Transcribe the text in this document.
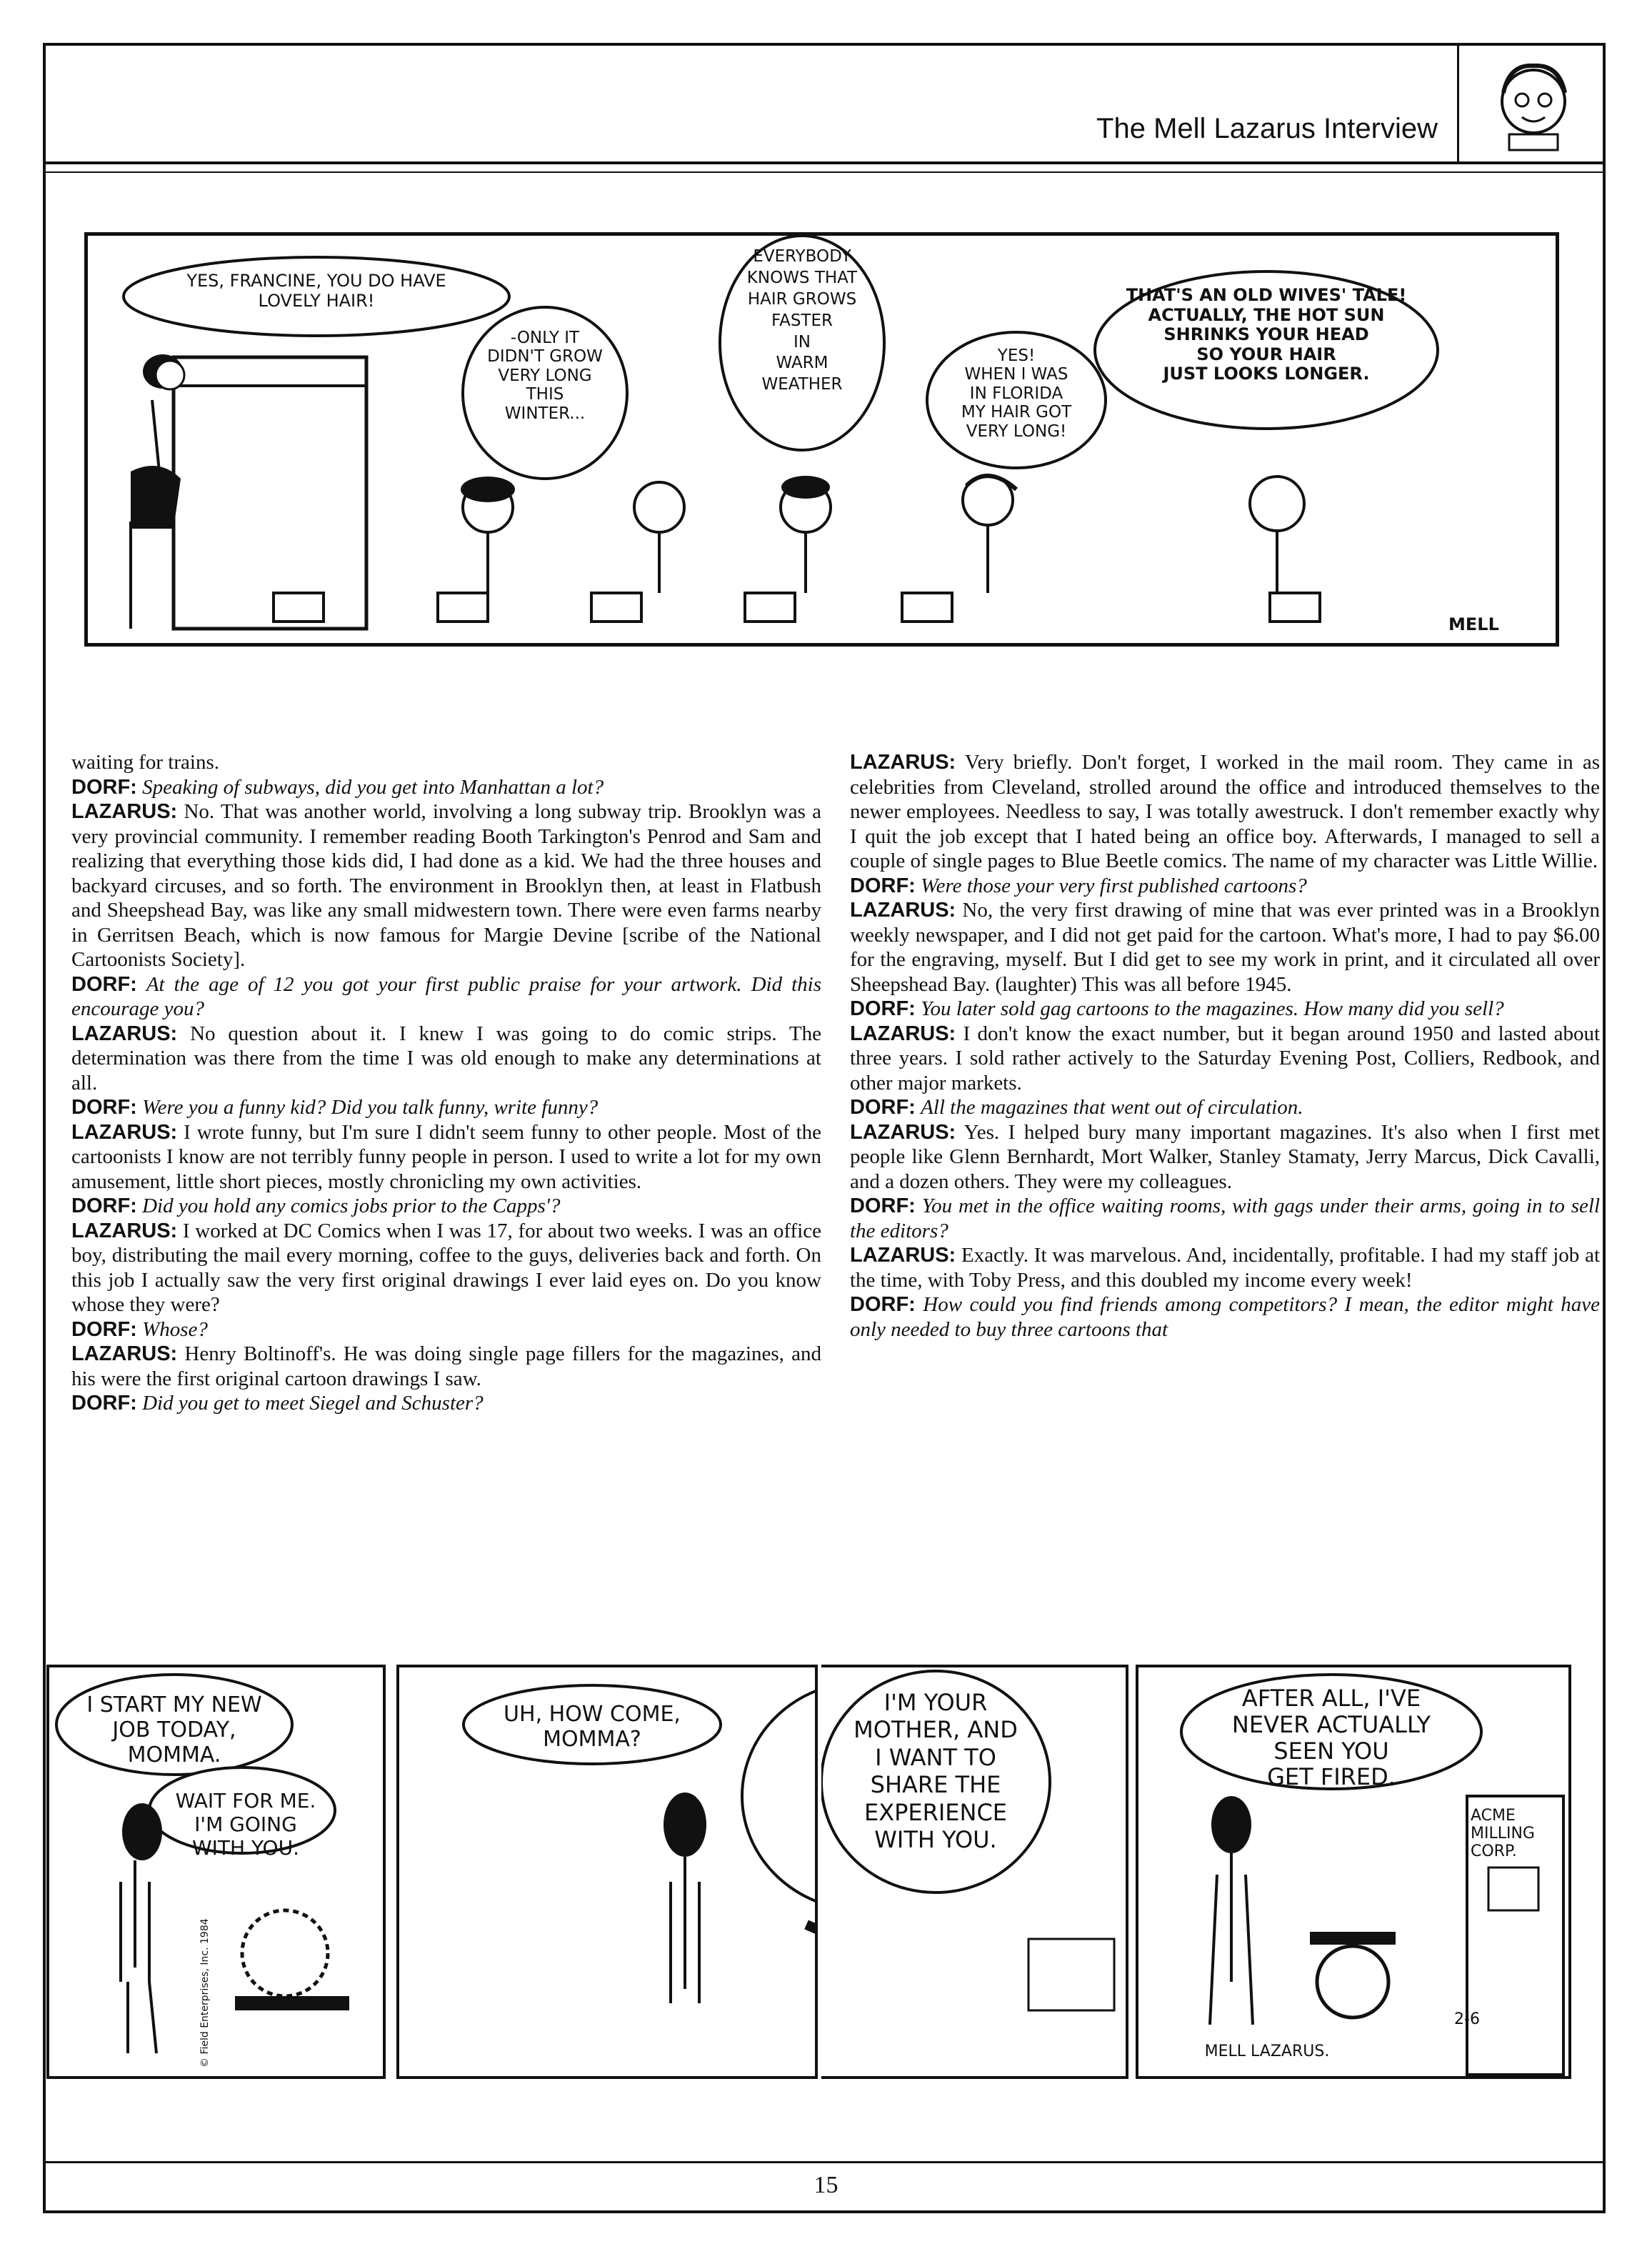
The Mell Lazarus Interview
YES, FRANCINE, YOU DO HAVE
LOVELY HAIR!
-ONLY IT
DIDN'T GROW
VERY LONG
THIS
WINTER...
EVERYBODY
KNOWS THAT
HAIR GROWS
FASTER
IN
WARM
WEATHER
YES!
WHEN I WAS
IN FLORIDA
MY HAIR GOT
VERY LONG!
THAT'S AN OLD WIVES' TALE!
ACTUALLY, THE HOT SUN
SHRINKS YOUR HEAD
SO YOUR HAIR
JUST LOOKS LONGER.
MELL

waiting for trains.

DORF: Speaking of subways, did you get into Manhattan a lot?

LAZARUS: No. That was another world, involving a long subway trip. Brooklyn was a very provincial community. I remember reading Booth Tarkington's Penrod and Sam and realizing that everything those kids did, I had done as a kid. We had the three houses and backyard circuses, and so forth. The environment in Brooklyn then, at least in Flatbush and Sheepshead Bay, was like any small midwestern town. There were even farms nearby in Gerritsen Beach, which is now famous for Margie Devine [scribe of the National Cartoonists Society].

DORF: At the age of 12 you got your first public praise for your artwork. Did this encourage you?

LAZARUS: No question about it. I knew I was going to do comic strips. The determination was there from the time I was old enough to make any determinations at all.

DORF: Were you a funny kid? Did you talk funny, write funny?

LAZARUS: I wrote funny, but I'm sure I didn't seem funny to other people. Most of the cartoonists I know are not terribly funny people in person. I used to write a lot for my own amusement, little short pieces, mostly chronicling my own activities.

DORF: Did you hold any comics jobs prior to the Capps'?

LAZARUS: I worked at DC Comics when I was 17, for about two weeks. I was an office boy, distributing the mail every morning, coffee to the guys, deliveries back and forth. On this job I actually saw the very first original drawings I ever laid eyes on. Do you know whose they were?

DORF: Whose?

LAZARUS: Henry Boltinoff's. He was doing single page fillers for the magazines, and his were the first original cartoon drawings I saw.

DORF: Did you get to meet Siegel and Schuster?

LAZARUS: Very briefly. Don't forget, I worked in the mail room. They came in as celebrities from Cleveland, strolled around the office and introduced themselves to the newer employees. Needless to say, I was totally awestruck. I don't remember exactly why I quit the job except that I hated being an office boy. Afterwards, I managed to sell a couple of single pages to Blue Beetle comics. The name of my character was Little Willie.

DORF: Were those your very first published cartoons?

LAZARUS: No, the very first drawing of mine that was ever printed was in a Brooklyn weekly newspaper, and I did not get paid for the cartoon. What's more, I had to pay $6.00 for the engraving, myself. But I did get to see my work in print, and it circulated all over Sheepshead Bay. (laughter) This was all before 1945.

DORF: You later sold gag cartoons to the magazines. How many did you sell?

LAZARUS: I don't know the exact number, but it began around 1950 and lasted about three years. I sold rather actively to the Saturday Evening Post, Colliers, Redbook, and other major markets.

DORF: All the magazines that went out of circulation.

LAZARUS: Yes. I helped bury many important magazines. It's also when I first met people like Glenn Bernhardt, Mort Walker, Stanley Stamaty, Jerry Marcus, Dick Cavalli, and a dozen others. They were my colleagues.

DORF: You met in the office waiting rooms, with gags under their arms, going in to sell the editors?

LAZARUS: Exactly. It was marvelous. And, incidentally, profitable. I had my staff job at the time, with Toby Press, and this doubled my income every week!

DORF: How could you find friends among competitors? I mean, the editor might have only needed to buy three cartoons that

I START MY NEW
JOB TODAY,
MOMMA.
WAIT FOR ME.
I'M GOING
WITH YOU.
© Field Enterprises, Inc. 1984
UH, HOW COME,
MOMMA?
I'M YOUR
MOTHER, AND
I WANT TO
SHARE THE
EXPERIENCE
WITH YOU.
AFTER ALL, I'VE
NEVER ACTUALLY
SEEN YOU
GET FIRED.
ACME
MILLING
CORP.
2-6
MELL LAZARUS.
15
